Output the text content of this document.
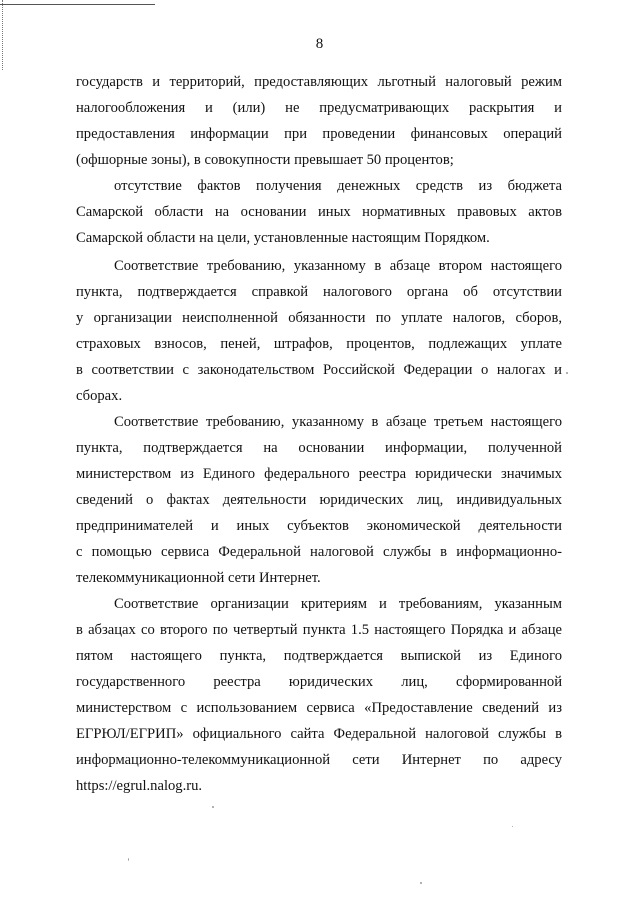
8
государств и территорий, предоставляющих льготный налоговый режим
налогообложения и (или) не предусматривающих раскрытия и
предоставления информации при проведении финансовых операций
(офшорные зоны), в совокупности превышает 50 процентов;
отсутствие фактов получения денежных средств из бюджета
Самарской области на основании иных нормативных правовых актов
Самарской области на цели, установленные настоящим Порядком.
Соответствие требованию, указанному в абзаце втором настоящего
пункта, подтверждается справкой налогового органа об отсутствии
у организации неисполненной обязанности по уплате налогов, сборов,
страховых взносов, пеней, штрафов, процентов, подлежащих уплате
в соответствии с законодательством Российской Федерации о налогах и
сборах.
Соответствие требованию, указанному в абзаце третьем настоящего
пункта, подтверждается на основании информации, полученной
министерством из Единого федерального реестра юридически значимых
сведений о фактах деятельности юридических лиц, индивидуальных
предпринимателей и иных субъектов экономической деятельности
с помощью сервиса Федеральной налоговой службы в информационно-
телекоммуникационной сети Интернет.
Соответствие организации критериям и требованиям, указанным
в абзацах со второго по четвертый пункта 1.5 настоящего Порядка и абзаце
пятом настоящего пункта, подтверждается выпиской из Единого
государственного реестра юридических лиц, сформированной
министерством с использованием сервиса «Предоставление сведений из
ЕГРЮЛ/ЕГРИП» официального сайта Федеральной налоговой службы в
информационно-телекоммуникационной сети Интернет по адресу
https://egrul.nalog.ru.
